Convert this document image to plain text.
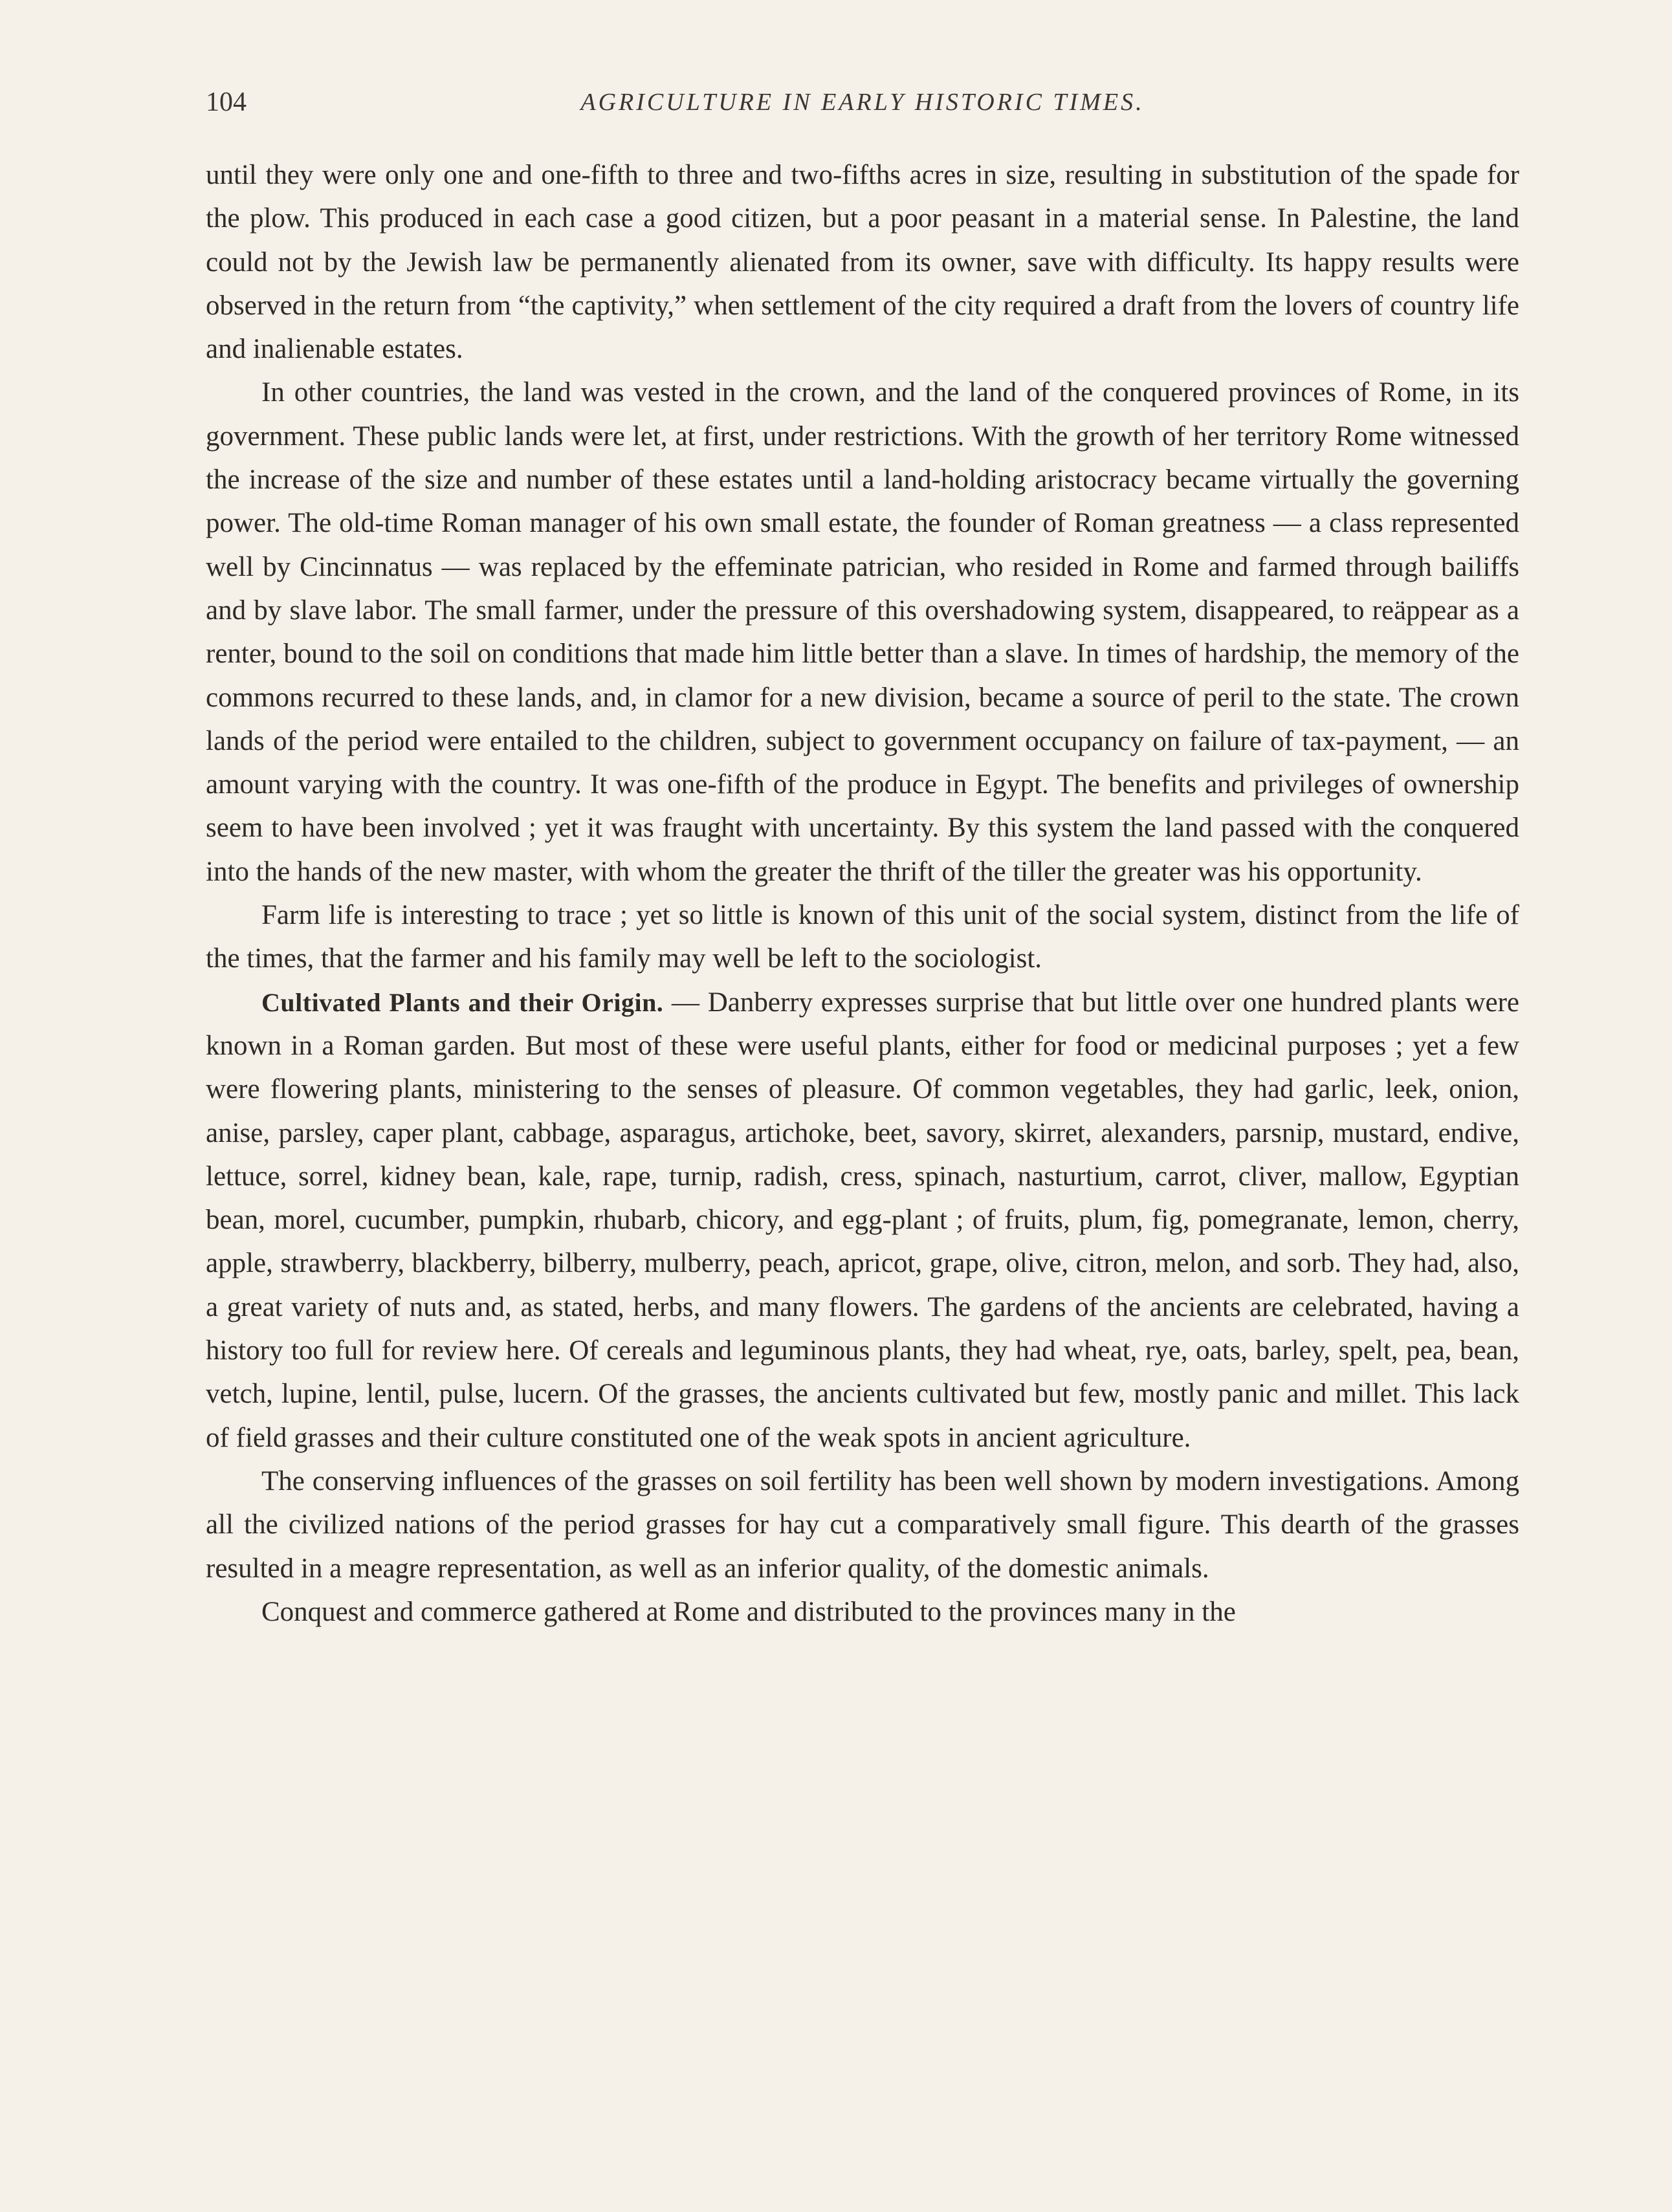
104	AGRICULTURE IN EARLY HISTORIC TIMES.

until they were only one and one-fifth to three and two-fifths acres in size, resulting in substitution of the spade for the plow. This produced in each case a good citizen, but a poor peasant in a material sense. In Palestine, the land could not by the Jewish law be permanently alienated from its owner, save with difficulty. Its happy results were observed in the return from “the captivity,” when settlement of the city required a draft from the lovers of country life and inalienable estates.

In other countries, the land was vested in the crown, and the land of the conquered provinces of Rome, in its government. These public lands were let, at first, under restrictions. With the growth of her territory Rome witnessed the increase of the size and number of these estates until a land-holding aristocracy became virtually the governing power. The old-time Roman manager of his own small estate, the founder of Roman greatness — a class represented well by Cincinnatus — was replaced by the effeminate patrician, who resided in Rome and farmed through bailiffs and by slave labor. The small farmer, under the pressure of this overshadowing system, disappeared, to reäppear as a renter, bound to the soil on conditions that made him little better than a slave. In times of hardship, the memory of the commons recurred to these lands, and, in clamor for a new division, became a source of peril to the state. The crown lands of the period were entailed to the children, subject to government occupancy on failure of tax-payment, — an amount varying with the country. It was one-fifth of the produce in Egypt. The benefits and privileges of ownership seem to have been involved ; yet it was fraught with uncertainty. By this system the land passed with the conquered into the hands of the new master, with whom the greater the thrift of the tiller the greater was his opportunity.

Farm life is interesting to trace ; yet so little is known of this unit of the social system, distinct from the life of the times, that the farmer and his family may well be left to the sociologist.

Cultivated Plants and their Origin. — Danberry expresses surprise that but little over one hundred plants were known in a Roman garden. But most of these were useful plants, either for food or medicinal purposes ; yet a few were flowering plants, ministering to the senses of pleasure. Of common vegetables, they had garlic, leek, onion, anise, parsley, caper plant, cabbage, asparagus, artichoke, beet, savory, skirret, alexanders, parsnip, mustard, endive, lettuce, sorrel, kidney bean, kale, rape, turnip, radish, cress, spinach, nasturtium, carrot, cliver, mallow, Egyptian bean, morel, cucumber, pumpkin, rhubarb, chicory, and egg-plant ; of fruits, plum, fig, pomegranate, lemon, cherry, apple, strawberry, blackberry, bilberry, mulberry, peach, apricot, grape, olive, citron, melon, and sorb. They had, also, a great variety of nuts and, as stated, herbs, and many flowers. The gardens of the ancients are celebrated, having a history too full for review here. Of cereals and leguminous plants, they had wheat, rye, oats, barley, spelt, pea, bean, vetch, lupine, lentil, pulse, lucern. Of the grasses, the ancients cultivated but few, mostly panic and millet. This lack of field grasses and their culture constituted one of the weak spots in ancient agriculture.

The conserving influences of the grasses on soil fertility has been well shown by modern investigations. Among all the civilized nations of the period grasses for hay cut a comparatively small figure. This dearth of the grasses resulted in a meagre representation, as well as an inferior quality, of the domestic animals.

Conquest and commerce gathered at Rome and distributed to the provinces many in the
